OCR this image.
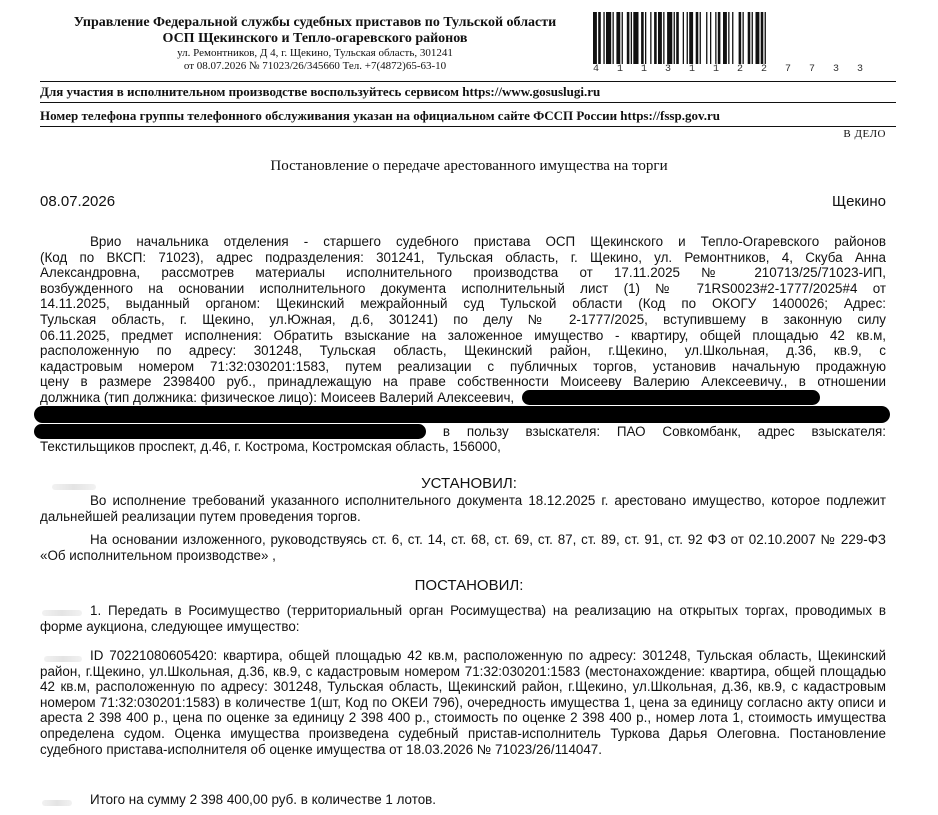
Управление Федеральной службы судебных приставов по Тульской области
ОСП Щекинского и Тепло-огаревского районов
ул. Ремонтников, Д 4, г. Щекино, Тульская область, 301241
от 08.07.2026 № 71023/26/345660 Тел. +7(4872)65-63-10	4 1 1 3 1 1 2 2 7 7 3 3
Для участия в исполнительном производстве воспользуйтесь сервисом https://www.gosuslugi.ru
Номер телефона группы телефонного обслуживания указан на официальном сайте ФССП России https://fssp.gov.ru
В ДЕЛО
Постановление о передаче арестованного имущества на торги
08.07.2026	Щекино
Врио начальника отделения - старшего судебного пристава ОСП Щекинского и Тепло-Огаревского районов
(Код по ВКСП: 71023), адрес подразделения: 301241, Тульская область, г. Щекино, ул. Ремонтников, 4, Скуба Анна
Александровна, рассмотрев материалы исполнительного производства от 17.11.2025 № 210713/25/71023-ИП,
возбужденного на основании исполнительного документа исполнительный лист (1) № 71RS0023#2-1777/2025#4 от
14.11.2025, выданный органом: Щекинский межрайонный суд Тульской области (Код по ОКОГУ 1400026; Адрес:
Тульская область, г. Щекино, ул.Южная, д.6, 301241) по делу № 2-1777/2025, вступившему в законную силу
06.11.2025, предмет исполнения: Обратить взыскание на заложенное имущество - квартиру, общей площадью 42 кв.м,
расположенную по адресу: 301248, Тульская область, Щекинский район, г.Щекино, ул.Школьная, д.36, кв.9, с
кадастровым номером 71:32:030201:1583, путем реализации с публичных торгов, установив начальную продажную
цену в размере 2398400 руб., принадлежащую на праве собственности Моисееву Валерию Алексеевичу., в отношении
должника (тип должника: физическое лицо): Моисеев Валерий Алексеевич,
в пользу взыскателя: ПАО Совкомбанк, адрес взыскателя:
Текстильщиков проспект, д.46, г. Кострома, Костромская область, 156000,
УСТАНОВИЛ:
Во исполнение требований указанного исполнительного документа 18.12.2025 г. арестовано имущество, которое подлежит дальнейшей реализации путем проведения торгов.
На основании изложенного, руководствуясь ст. 6, ст. 14, ст. 68, ст. 69, ст. 87, ст. 89, ст. 91, ст. 92 ФЗ от 02.10.2007 № 229-ФЗ «Об исполнительном производстве» ,
ПОСТАНОВИЛ:
1. Передать в Росимущество (территориальный орган Росимущества) на реализацию на открытых торгах, проводимых в форме аукциона, следующее имущество:
ID 70221080605420: квартира, общей площадью 42 кв.м, расположенную по адресу: 301248, Тульская область, Щекинский район, г.Щекино, ул.Школьная, д.36, кв.9, с кадастровым номером 71:32:030201:1583 (местонахождение: квартира, общей площадью 42 кв.м, расположенную по адресу: 301248, Тульская область, Щекинский район, г.Щекино, ул.Школьная, д.36, кв.9, с кадастровым номером 71:32:030201:1583) в количестве 1(шт, Код по ОКЕИ 796), очередность имущества 1, цена за единицу согласно акту описи и ареста 2 398 400 р., цена по оценке за единицу 2 398 400 р., стоимость по оценке 2 398 400 р., номер лота 1, стоимость имущества определена судом. Оценка имущества произведена судебный пристав-исполнитель Туркова Дарья Олеговна. Постановление судебного пристава-исполнителя об оценке имущества от 18.03.2026 № 71023/26/114047.
Итого на сумму 2 398 400,00 руб. в количестве 1 лотов.
